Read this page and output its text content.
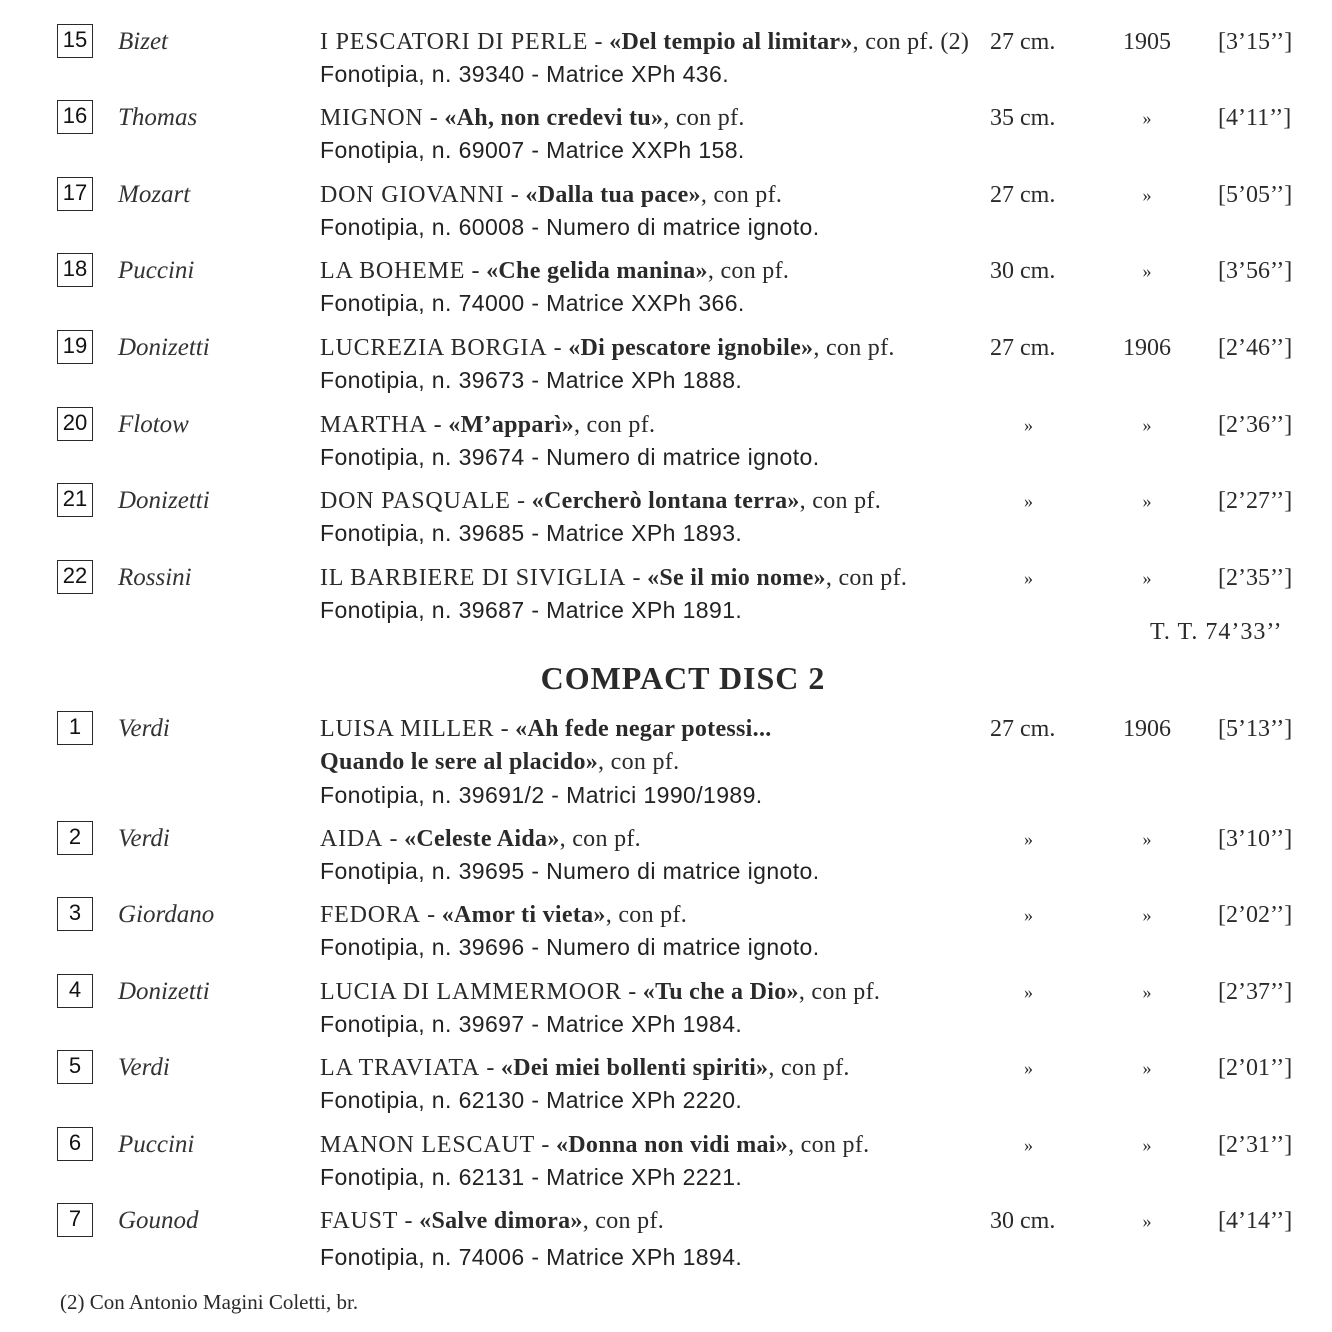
15 Bizet	I PESCATORI DI PERLE - «Del tempio al limitar», con pf. (2)
Fonotipia, n. 39340 - Matrice XPh 436.
27 cm.	1905 [3’15’’]
16 Thomas	MIGNON - «Ah, non credevi tu», con pf.
Fonotipia, n. 69007 - Matrice XXPh 158.
35 cm.	»	[4’11’’]
17 Mozart	DON GIOVANNI - «Dalla tua pace», con pf.
Fonotipia, n. 60008 - Numero di matrice ignoto.
27 cm.	»	[5’05’’]
18 Puccini	LA BOHEME - «Che gelida manina», con pf.
Fonotipia, n. 74000 - Matrice XXPh 366.
30 cm.	»	[3’56’’]
19 Donizetti	LUCREZIA BORGIA - «Di pescatore ignobile», con pf.
Fonotipia, n. 39673 - Matrice XPh 1888.
27 cm.	1906 [2’46’’]
20 Flotow	MARTHA - «M’apparì», con pf.
Fonotipia, n. 39674 - Numero di matrice ignoto.
»	»	[2’36’’]
21 Donizetti	DON PASQUALE - «Cercherò lontana terra», con pf.
Fonotipia, n. 39685 - Matrice XPh 1893.
»	»	[2’27’’]
22 Rossini	IL BARBIERE DI SIVIGLIA - «Se il mio nome», con pf.
Fonotipia, n. 39687 - Matrice XPh 1891.
»	»	[2’35’’]
T. T. 74’33’’
COMPACT DISC 2
1	Verdi	LUISA MILLER - «Ah fede negar potessi...
Quando le sere al placido», con pf.
Fonotipia, n. 39691/2 - Matrici 1990/1989.
27 cm.	1906 [5’13’’]
2	Verdi	AIDA - «Celeste Aida», con pf.
Fonotipia, n. 39695 - Numero di matrice ignoto.
»	»	[3’10’’]
3	Giordano	FEDORA - «Amor ti vieta», con pf.
Fonotipia, n. 39696 - Numero di matrice ignoto.
»	»	[2’02’’]
4	Donizetti	LUCIA DI LAMMERMOOR - «Tu che a Dio», con pf.
Fonotipia, n. 39697 - Matrice XPh 1984.
»	»	[2’37’’]
5	Verdi	LA TRAVIATA - «Dei miei bollenti spiriti», con pf.
Fonotipia, n. 62130 - Matrice XPh 2220.
»	»	[2’01’’]
6	Puccini	MANON LESCAUT - «Donna non vidi mai», con pf.
Fonotipia, n. 62131 - Matrice XPh 2221.
»	»	[2’31’’]
7	Gounod	FAUST - «Salve dimora», con pf.
Fonotipia, n. 74006 - Matrice XPh 1894.
30 cm.	»	[4’14’’]
(2) Con Antonio Magini Coletti, br.
